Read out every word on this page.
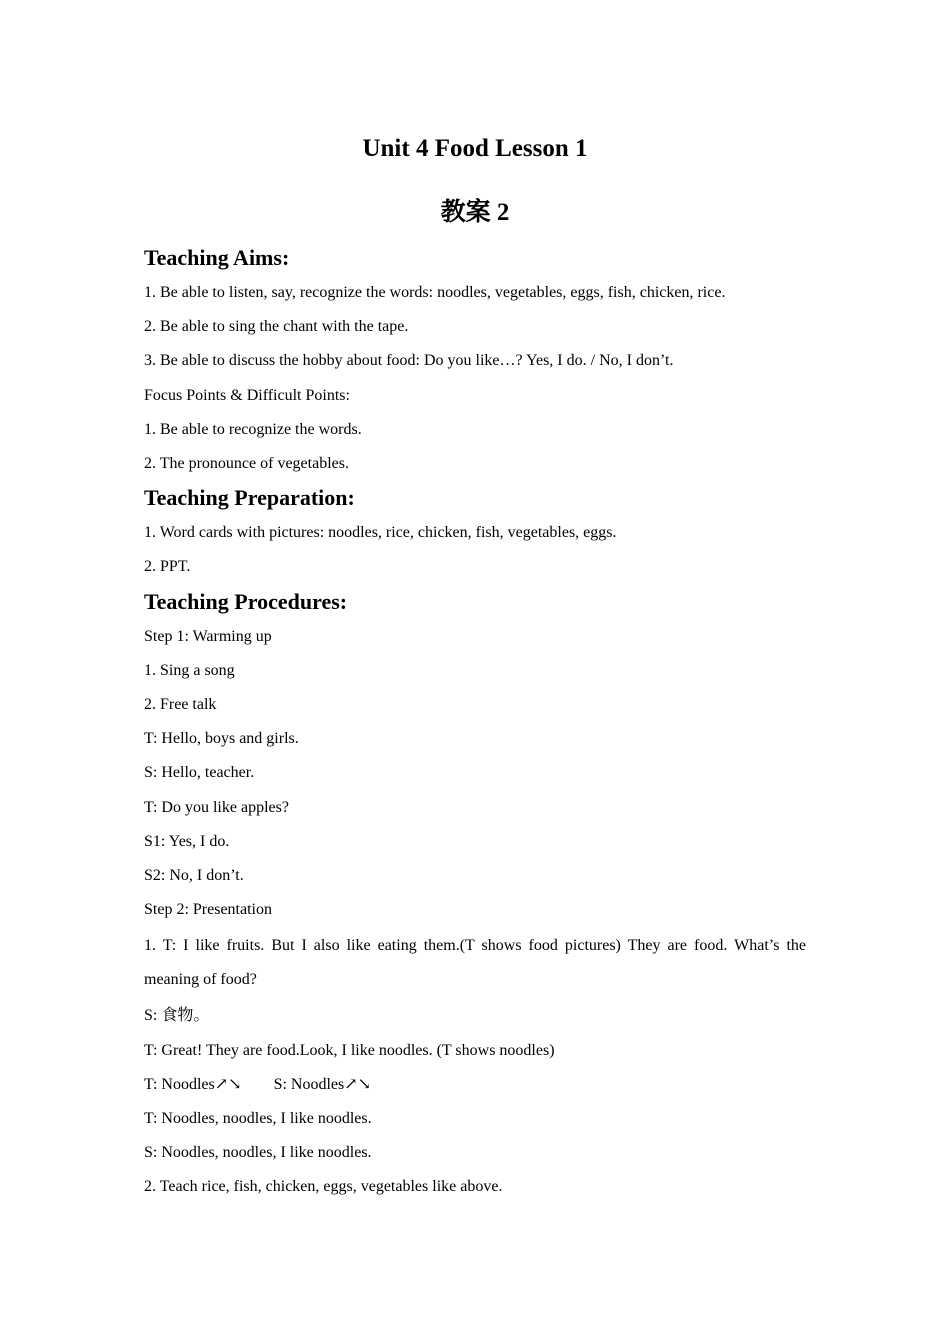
Unit 4 Food Lesson 1
教案 2
Teaching Aims:

1. Be able to listen, say, recognize the words: noodles, vegetables, eggs, fish, chicken, rice.

2. Be able to sing the chant with the tape.

3. Be able to discuss the hobby about food: Do you like…? Yes, I do. / No, I don’t.

Focus Points & Difficult Points:

1. Be able to recognize the words.

2. The pronounce of vegetables.

Teaching Preparation:

1. Word cards with pictures: noodles, rice, chicken, fish, vegetables, eggs.

2. PPT.

Teaching Procedures:

Step 1: Warming up

1. Sing a song

2. Free talk

T: Hello, boys and girls.

S: Hello, teacher.

T: Do you like apples?

S1: Yes, I do.

S2: No, I don’t.

Step 2: Presentation

1. T: I like fruits. But I also like eating them.(T shows food pictures) They are food. What’s the

meaning of food?

S: 食物。

T: Great! They are food.Look, I like noodles. (T shows noodles)

T: Noodles↗↘ S: Noodles↗↘

T: Noodles, noodles, I like noodles.

S: Noodles, noodles, I like noodles.

2. Teach rice, fish, chicken, eggs, vegetables like above.
